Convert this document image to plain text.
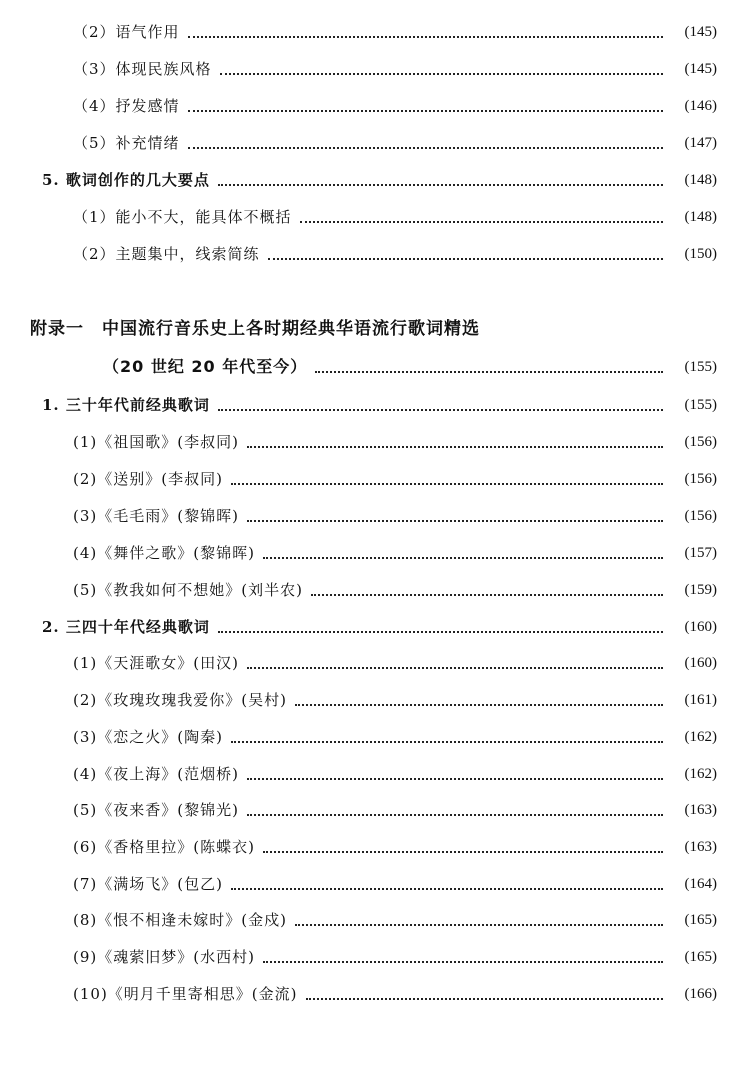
（2）语气作用	(145)
（3）体现民族风格	(145)
（4）抒发感情	(146)
（5）补充情绪	(147)
5. 歌词创作的几大要点	(148)
（1）能小不大，能具体不概括	(148)
（2）主题集中，线索简练	(150)
附录一　中国流行音乐史上各时期经典华语流行歌词精选
（20 世纪 20 年代至今）	(155)
1. 三十年代前经典歌词	(155)
(1)《祖国歌》(李叔同)	(156)
(2)《送别》(李叔同)	(156)
(3)《毛毛雨》(黎锦晖)	(156)
(4)《舞伴之歌》(黎锦晖)	(157)
(5)《教我如何不想她》(刘半农)	(159)
2. 三四十年代经典歌词	(160)
(1)《天涯歌女》(田汉)	(160)
(2)《玫瑰玫瑰我爱你》(吴村)	(161)
(3)《恋之火》(陶秦)	(162)
(4)《夜上海》(范烟桥)	(162)
(5)《夜来香》(黎锦光)	(163)
(6)《香格里拉》(陈蝶衣)	(163)
(7)《满场飞》(包乙)	(164)
(8)《恨不相逢未嫁时》(金戍)	(165)
(9)《魂萦旧梦》(水西村)	(165)
(10)《明月千里寄相思》(金流)	(166)
